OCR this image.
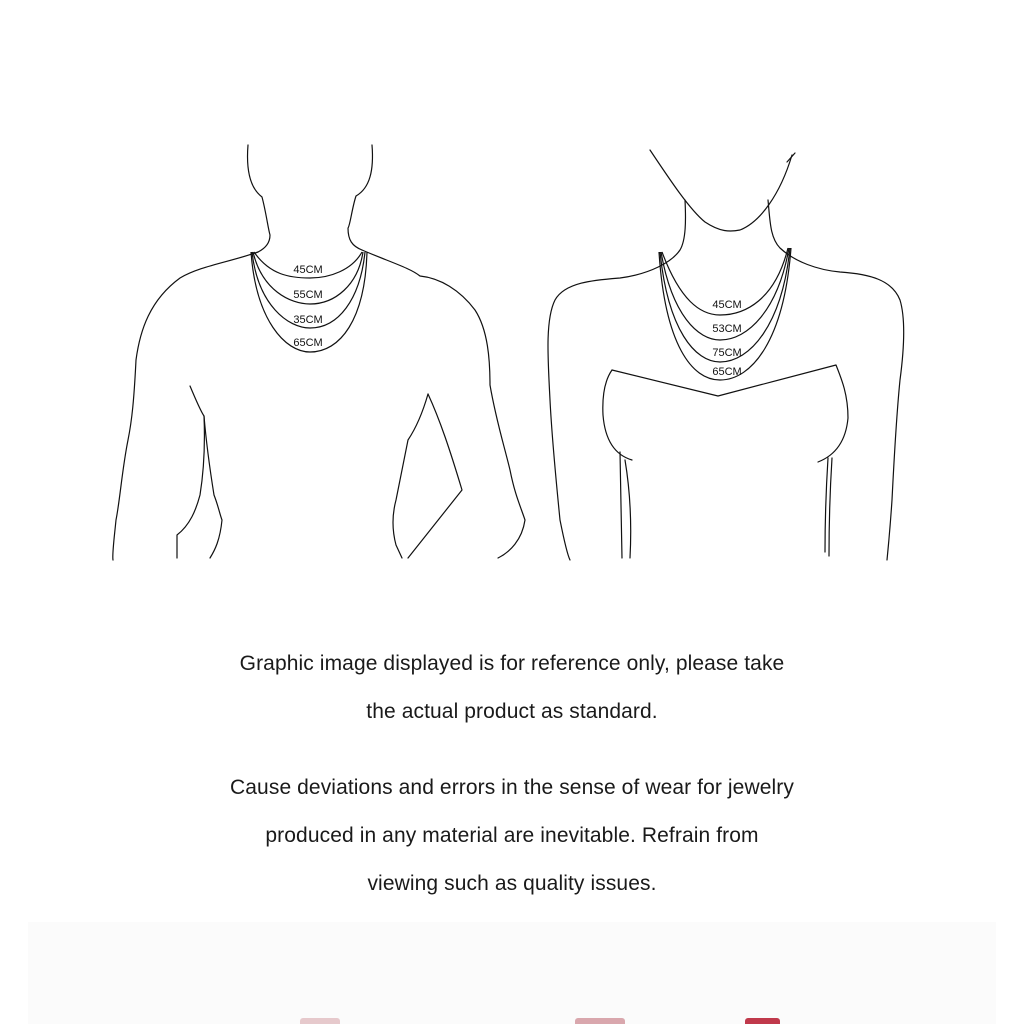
45CM
55CM
35CM
65CM
45CM
53CM
75CM
65CM

Graphic image displayed is for reference only, please take

the actual product as standard.

Cause deviations and errors in the sense of wear for jewelry

produced in any material are inevitable. Refrain from

viewing such as quality issues.
